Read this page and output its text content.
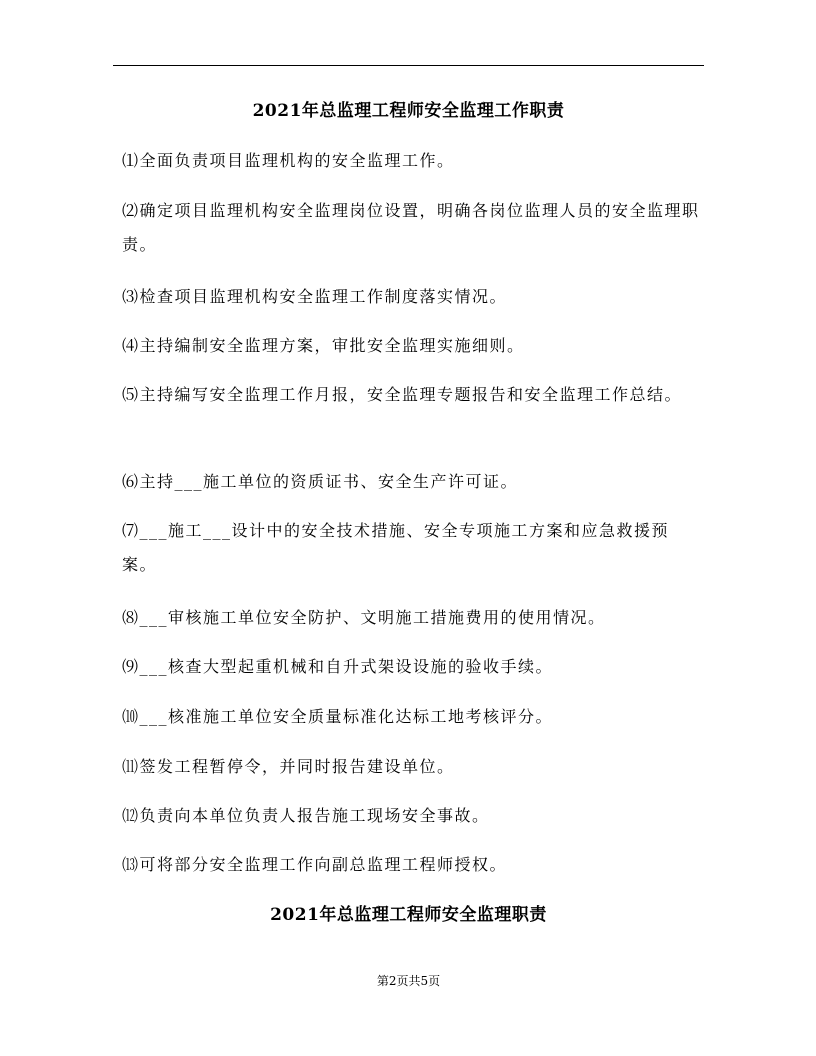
2021年总监理工程师安全监理工作职责
⑴全面负责项目监理机构的安全监理工作。
⑵确定项目监理机构安全监理岗位设置，明确各岗位监理人员的安全监理职责。
⑶检查项目监理机构安全监理工作制度落实情况。
⑷主持编制安全监理方案，审批安全监理实施细则。
⑸主持编写安全监理工作月报，安全监理专题报告和安全监理工作总结。
⑹主持___施工单位的资质证书、安全生产许可证。
⑺___施工___设计中的安全技术措施、安全专项施工方案和应急救援预案。
⑻___审核施工单位安全防护、文明施工措施费用的使用情况。
⑼___核查大型起重机械和自升式架设设施的验收手续。
⑽___核准施工单位安全质量标准化达标工地考核评分。
⑾签发工程暂停令，并同时报告建设单位。
⑿负责向本单位负责人报告施工现场安全事故。
⒀可将部分安全监理工作向副总监理工程师授权。
2021年总监理工程师安全监理职责
第2页共5页
